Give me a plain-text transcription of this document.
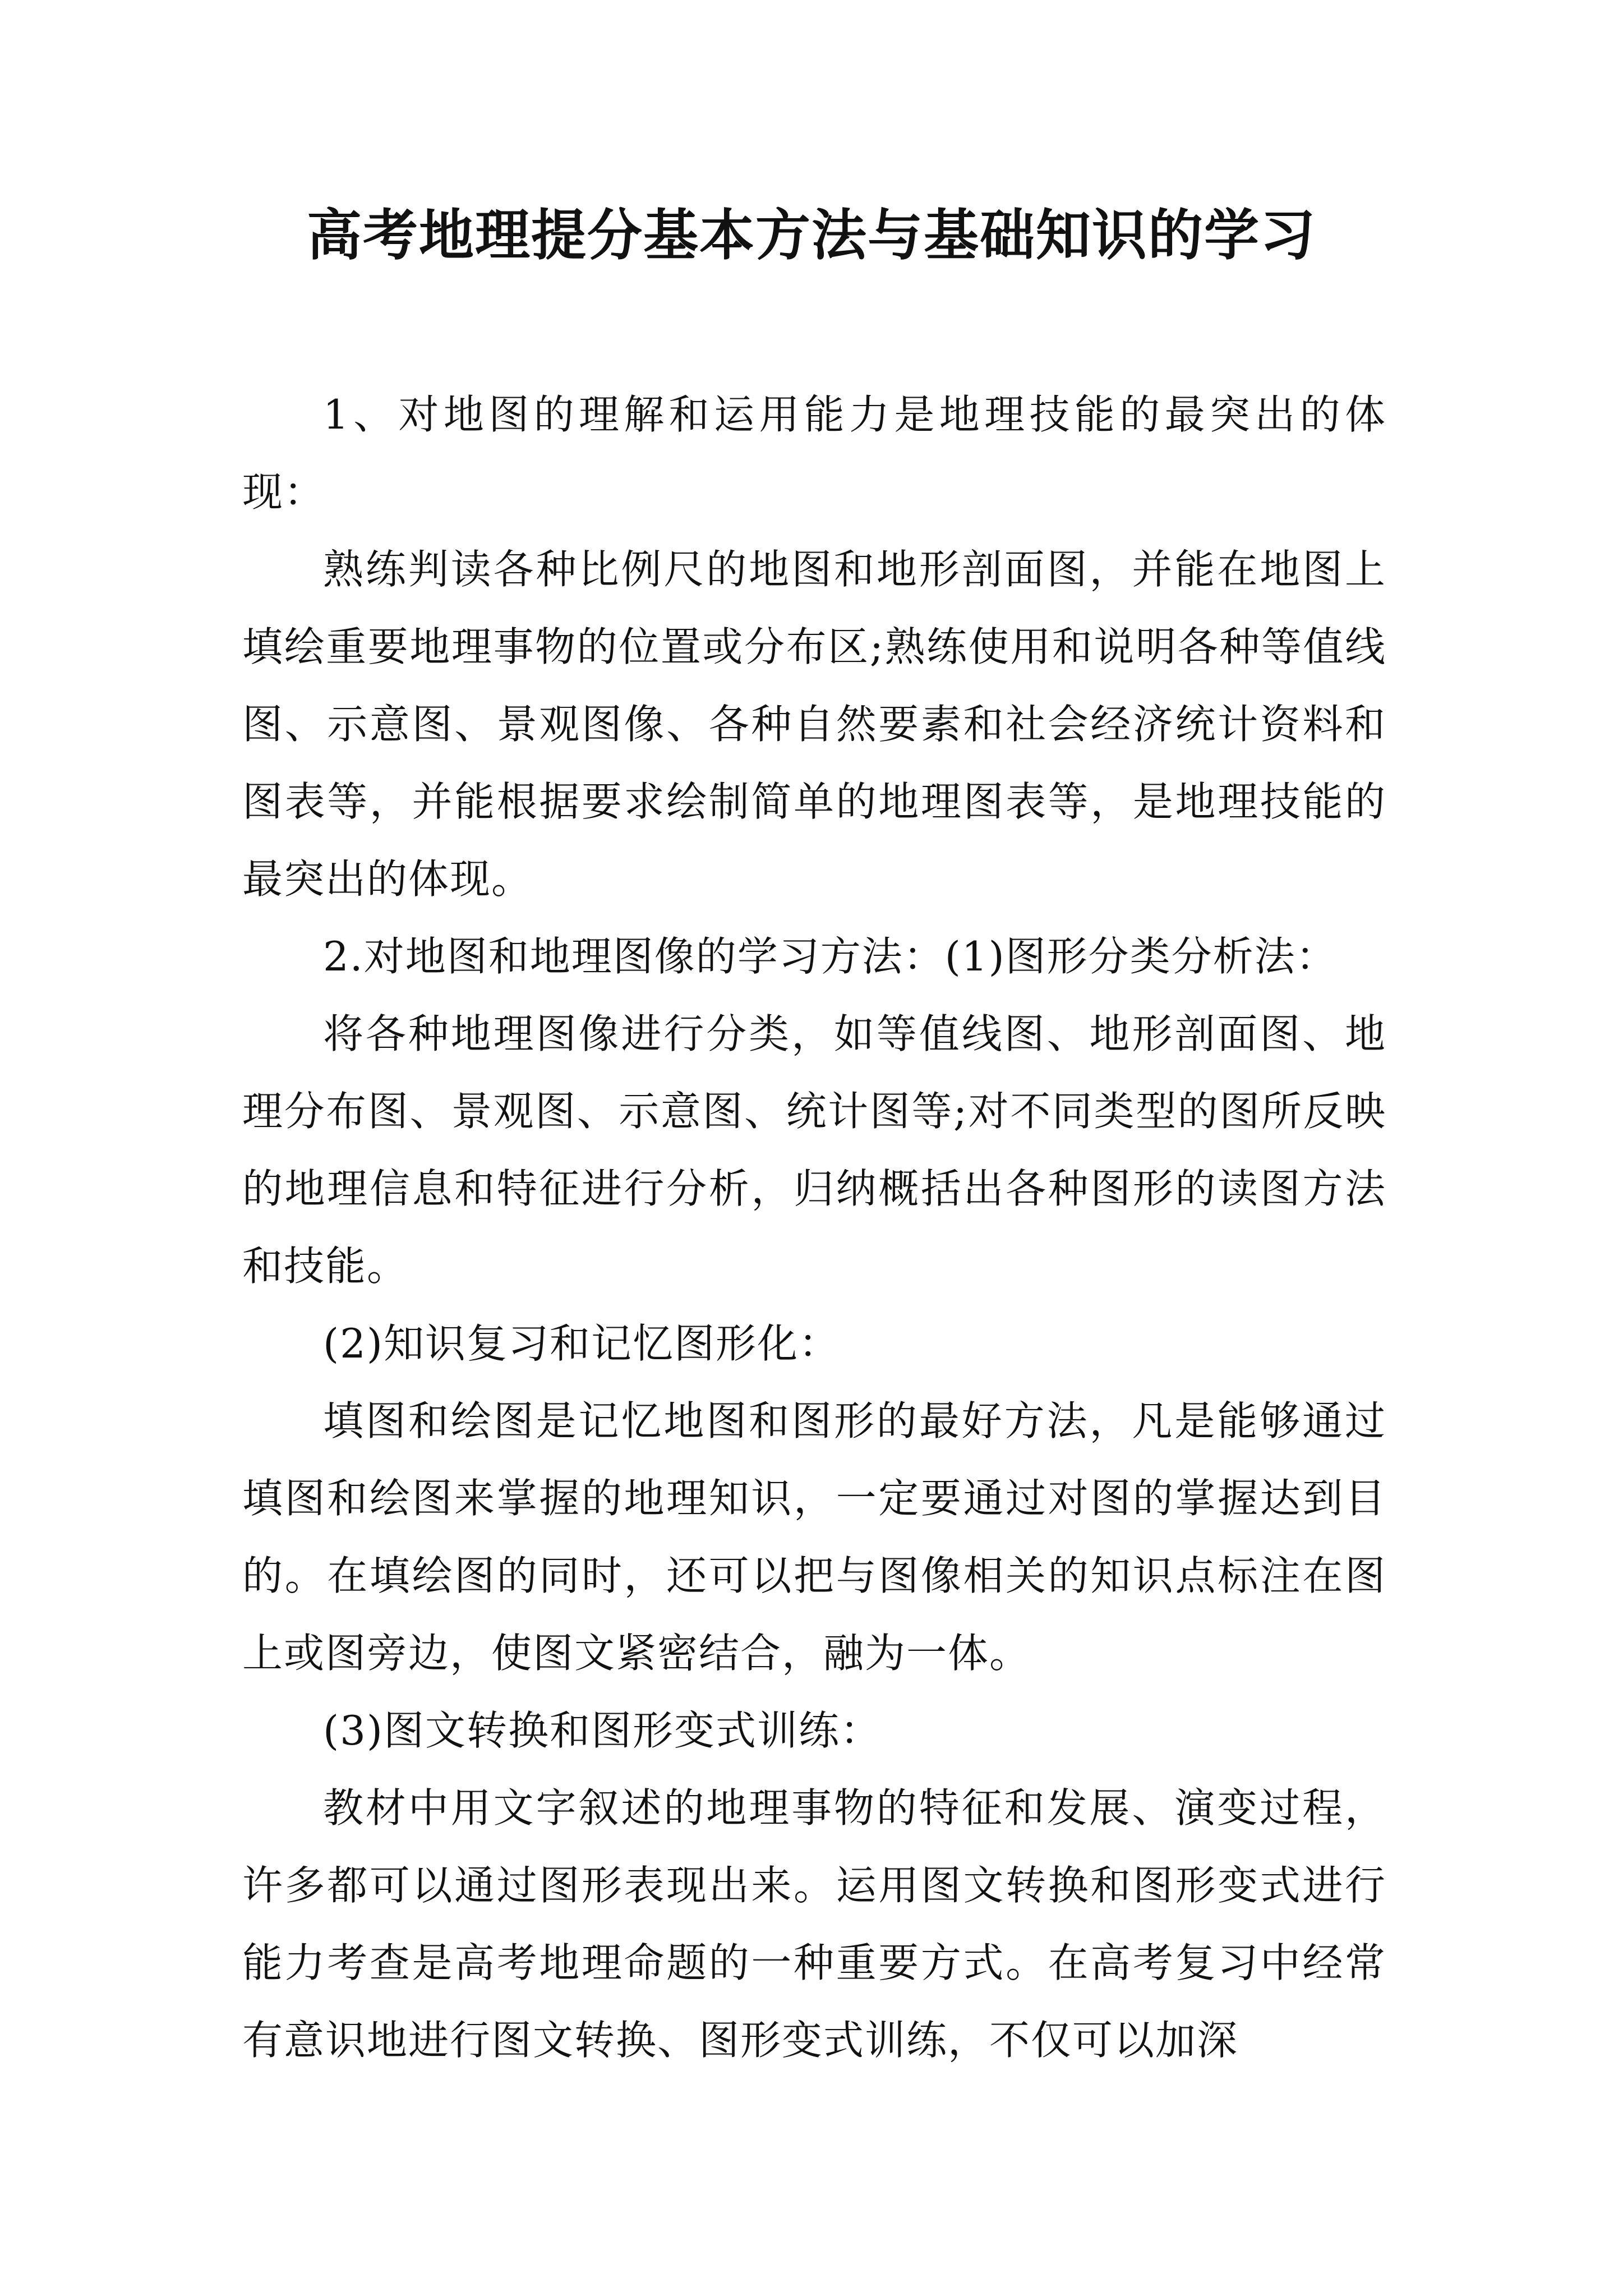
高考地理提分基本方法与基础知识的学习

1、对地图的理解和运用能力是地理技能的最突出的体现：

熟练判读各种比例尺的地图和地形剖面图，并能在地图上填绘重要地理事物的位置或分布区;熟练使用和说明各种等值线图、示意图、景观图像、各种自然要素和社会经济统计资料和图表等，并能根据要求绘制简单的地理图表等，是地理技能的最突出的体现。

2.对地图和地理图像的学习方法：(1)图形分类分析法：

将各种地理图像进行分类，如等值线图、地形剖面图、地理分布图、景观图、示意图、统计图等;对不同类型的图所反映的地理信息和特征进行分析，归纳概括出各种图形的读图方法和技能。

(2)知识复习和记忆图形化：

填图和绘图是记忆地图和图形的最好方法，凡是能够通过填图和绘图来掌握的地理知识，一定要通过对图的掌握达到目的。在填绘图的同时，还可以把与图像相关的知识点标注在图上或图旁边，使图文紧密结合，融为一体。

(3)图文转换和图形变式训练：

教材中用文字叙述的地理事物的特征和发展、演变过程，许多都可以通过图形表现出来。运用图文转换和图形变式进行能力考查是高考地理命题的一种重要方式。在高考复习中经常有意识地进行图文转换、图形变式训练，不仅可以加深
